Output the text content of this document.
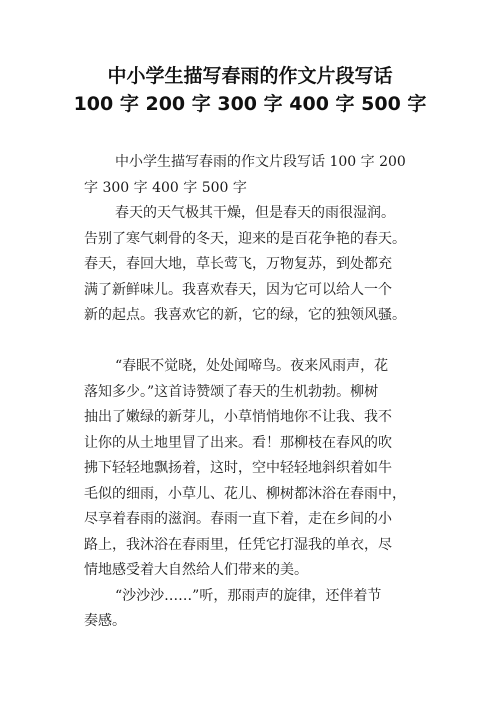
中小学生描写春雨的作文片段写话
100 字 200 字 300 字 400 字 500 字
中小学生描写春雨的作文片段写话 100 字 200
字 300 字 400 字 500 字
春天的天气极其干燥，但是春天的雨很湿润。
告别了寒气刺骨的冬天，迎来的是百花争艳的春天。
春天，春回大地，草长莺飞，万物复苏，到处都充
满了新鲜味儿。我喜欢春天，因为它可以给人一个
新的起点。我喜欢它的新，它的绿，它的独领风骚。
“春眠不觉晓，处处闻啼鸟。夜来风雨声，花
落知多少。”这首诗赞颂了春天的生机勃勃。柳树
抽出了嫩绿的新芽儿，小草悄悄地你不让我、我不
让你的从土地里冒了出来。看！那柳枝在春风的吹
拂下轻轻地飘扬着，这时，空中轻轻地斜织着如牛
毛似的细雨，小草儿、花儿、柳树都沐浴在春雨中，
尽享着春雨的滋润。春雨一直下着，走在乡间的小
路上，我沐浴在春雨里，任凭它打湿我的单衣，尽
情地感受着大自然给人们带来的美。
“沙沙沙……”听，那雨声的旋律，还伴着节
奏感。
